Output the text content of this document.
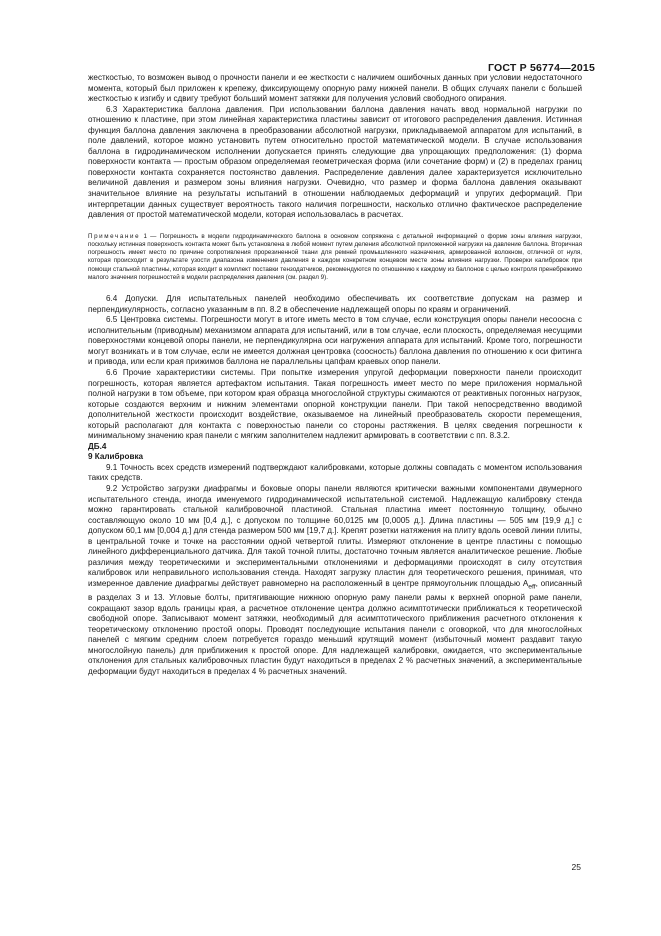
ГОСТ Р 56774—2015

жесткостью, то возможен вывод о прочности панели и ее жесткости с наличием ошибочных данных при условии недостаточного момента, который был приложен к крепежу, фиксирующему опорную раму нижней панели. В общих случаях панели с большей жесткостью к изгибу и сдвигу требуют больший момент затяжки для получения условий свободного опирания.

6.3 Характеристика баллона давления. При использовании баллона давления начать ввод нормальной нагрузки по отношению к пластине, при этом линейная характеристика пластины зависит от итогового распределения давления. Истинная функция баллона давления заключена в преобразовании абсолютной нагрузки, прикладываемой аппаратом для испытаний, в поле давлений, которое можно установить путем относительно простой математической модели. В случае использования баллона в гидродинамическом исполнении допускается принять следующие два упрощающих предположения: (1) форма поверхности контакта — простым образом определяемая геометрическая форма (или сочетание форм) и (2) в пределах границ поверхности контакта сохраняется постоянство давления. Распределение давления далее характеризуется исключительно величиной давления и размером зоны влияния нагрузки. Очевидно, что размер и форма баллона давления оказывают значительное влияние на результаты испытаний в отношении наблюдаемых деформаций и упругих деформаций. При интерпретации данных существует вероятность такого наличия погрешности, насколько отлично фактическое распределение давления от простой математической модели, которая использовалась в расчетах.

Примечание 1 — Погрешность в модели гидродинамического баллона в основном сопряжена с детальной информацией о форме зоны влияния нагрузки, поскольку истинная поверхность контакта может быть установлена в любой момент путем деления абсолютной приложенной нагрузки на давление баллона. Вторичная погрешность имеет место по причине сопротивления прорезиненной ткани для ремней промышленного назначения, армированной волокном, отличной от нуля, которая происходит в результате узости диапазона изменения давления в каждом конкретном концевом месте зоны влияния нагрузки. Проверки калибровок при помощи стальной пластины, которая входит в комплект поставки тензодатчиков, рекомендуются по отношению к каждому из баллонов с целью контроля пренебрежимо малого значения погрешностей в модели распределения давления (см. раздел 9).

6.4 Допуски. Для испытательных панелей необходимо обеспечивать их соответствие допускам на размер и перпендикулярность, согласно указанным в пп. 8.2 в обеспечение надлежащей опоры по краям и ограничений.

6.5 Центровка системы. Погрешности могут в итоге иметь место в том случае, если конструкция опоры панели несоосна с исполнительным (приводным) механизмом аппарата для испытаний, или в том случае, если плоскость, определяемая несущими поверхностями концевой опоры панели, не перпендикулярна оси нагружения аппарата для испытаний. Кроме того, погрешности могут возникать и в том случае, если не имеется должная центровка (соосность) баллона давления по отношению к оси фитинга и привода, или если края прижимов баллона не параллельны цапфам краевых опор панели.

6.6 Прочие характеристики системы. При попытке измерения упругой деформации поверхности панели происходит погрешность, которая является артефактом испытания. Такая погрешность имеет место по мере приложения нормальной полной нагрузки в том объеме, при котором края образца многослойной структуры сжимаются от реактивных погонных нагрузок, которые создаются верхним и нижним элементами опорной конструкции панели. При такой непосредственно вводимой дополнительной жесткости происходит воздействие, оказываемое на линейный преобразователь скорости перемещения, который располагают для контакта с поверхностью панели со стороны растяжения. В целях сведения погрешности к минимальному значению края панели с мягким заполнителем надлежит армировать в соответствии с пп. 8.3.2.

ДБ.4

9 Калибровка

9.1 Точность всех средств измерений подтверждают калибровками, которые должны совпадать с моментом использования таких средств.

9.2 Устройство загрузки диафрагмы и боковые опоры панели являются критически важными компонентами двумерного испытательного стенда, иногда именуемого гидродинамической испытательной системой. Надлежащую калибровку стенда можно гарантировать стальной калибровочной пластиной. Стальная пластина имеет постоянную толщину, обычно составляющую около 10 мм [0,4 д.], с допуском по толщине 60,0125 мм [0,0005 д.]. Длина пластины — 505 мм [19,9 д.] с допуском 60,1 мм [0,004 д.] для стенда размером 500 мм [19,7 д.]. Крепят розетки натяжения на плиту вдоль осевой линии плиты, в центральной точке и точке на расстоянии одной четвертой плиты. Измеряют отклонение в центре пластины с помощью линейного дифференциального датчика. Для такой точной плиты, достаточно точным является аналитическое решение. Любые различия между теоретическими и экспериментальными отклонениями и деформациями происходят в силу отсутствия калибровок или неправильного использования стенда. Находят загрузку пластин для теоретического решения, принимая, что измеренное давление диафрагмы действует равномерно на расположенный в центре прямоугольник площадью $A_{eff}$, описанный в разделах 3 и 13. Угловые болты, притягивающие нижнюю опорную раму панели рамы к верхней опорной раме панели, сокращают зазор вдоль границы края, а расчетное отклонение центра должно асимптотически приближаться к теоретической свободной опоре. Записывают момент затяжки, необходимый для асимптотического приближения расчетного отклонения к теоретическому отклонению простой опоры. Проводят последующие испытания панели с оговоркой, что для многослойных панелей с мягким средним слоем потребуется гораздо меньший крутящий момент (избыточный момент раздавит такую многослойную панель) для приближения к простой опоре. Для надлежащей калибровки, ожидается, что экспериментальные отклонения для стальных калибровочных пластин будут находиться в пределах 2 % расчетных значений, а экспериментальные деформации будут находиться в пределах 4 % расчетных значений.

25
